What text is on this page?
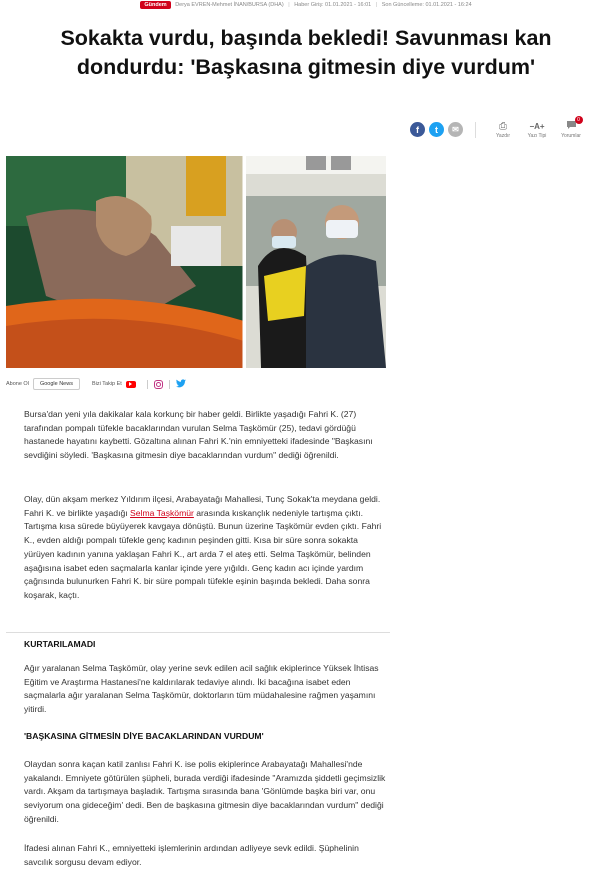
Gündem Derya EVREN-Mehmet İNAN/BURSA (DHA) | Haber Giriş: 01.01.2021 - 16:01 | Son Güncelleme: 01.01.2021 - 16:24
Sokakta vurdu, başında bekledi! Savunması kan dondurdu: 'Başkasına gitmesin diye vurdum'
f t ✉	⎙
Yazdır
−A+
Yazı Tipi
0
Yorumlar
Abone Ol	Google News	Bizi Takip Et

Bursa'dan yeni yıla dakikalar kala korkunç bir haber geldi. Birlikte yaşadığı Fahri K. (27) tarafından pompalı tüfekle bacaklarından vurulan Selma Taşkömür (25), tedavi gördüğü hastanede hayatını kaybetti. Gözaltına alınan Fahri K.'nin emniyetteki ifadesinde "Başkasını sevdiğini söyledi. 'Başkasına gitmesin diye bacaklarından vurdum" dediği öğrenildi.

Olay, dün akşam merkez Yıldırım ilçesi, Arabayatağı Mahallesi, Tunç Sokak'ta meydana geldi. Fahri K. ve birlikte yaşadığı Selma Taşkömür arasında kıskançlık nedeniyle tartışma çıktı. Tartışma kısa sürede büyüyerek kavgaya dönüştü. Bunun üzerine Taşkömür evden çıktı. Fahri K., evden aldığı pompalı tüfekle genç kadının peşinden gitti. Kısa bir süre sonra sokakta yürüyen kadının yanına yaklaşan Fahri K., art arda 7 el ateş etti. Selma Taşkömür, belinden aşağısına isabet eden saçmalarla kanlar içinde yere yığıldı. Genç kadın acı içinde yardım çağrısında bulunurken Fahri K. bir süre pompalı tüfekle eşinin başında bekledi. Daha sonra koşarak, kaçtı.

KURTARILAMADI

Ağır yaralanan Selma Taşkömür, olay yerine sevk edilen acil sağlık ekiplerince Yüksek İhtisas Eğitim ve Araştırma Hastanesi'ne kaldırılarak tedaviye alındı. İki bacağına isabet eden saçmalarla ağır yaralanan Selma Taşkömür, doktorların tüm müdahalesine rağmen yaşamını yitirdi.

'BAŞKASINA GİTMESİN DİYE BACAKLARINDAN VURDUM'

Olaydan sonra kaçan katil zanlısı Fahri K. ise polis ekiplerince Arabayatağı Mahallesi'nde yakalandı. Emniyete götürülen şüpheli, burada verdiği ifadesinde "Aramızda şiddetli geçimsizlik vardı. Akşam da tartışmaya başladık. Tartışma sırasında bana 'Gönlümde başka biri var, onu seviyorum ona gideceğim' dedi. Ben de başkasına gitmesin diye bacaklarından vurdum" dediği öğrenildi.

İfadesi alınan Fahri K., emniyetteki işlemlerinin ardından adliyeye sevk edildi. Şüphelinin savcılık sorgusu devam ediyor.
